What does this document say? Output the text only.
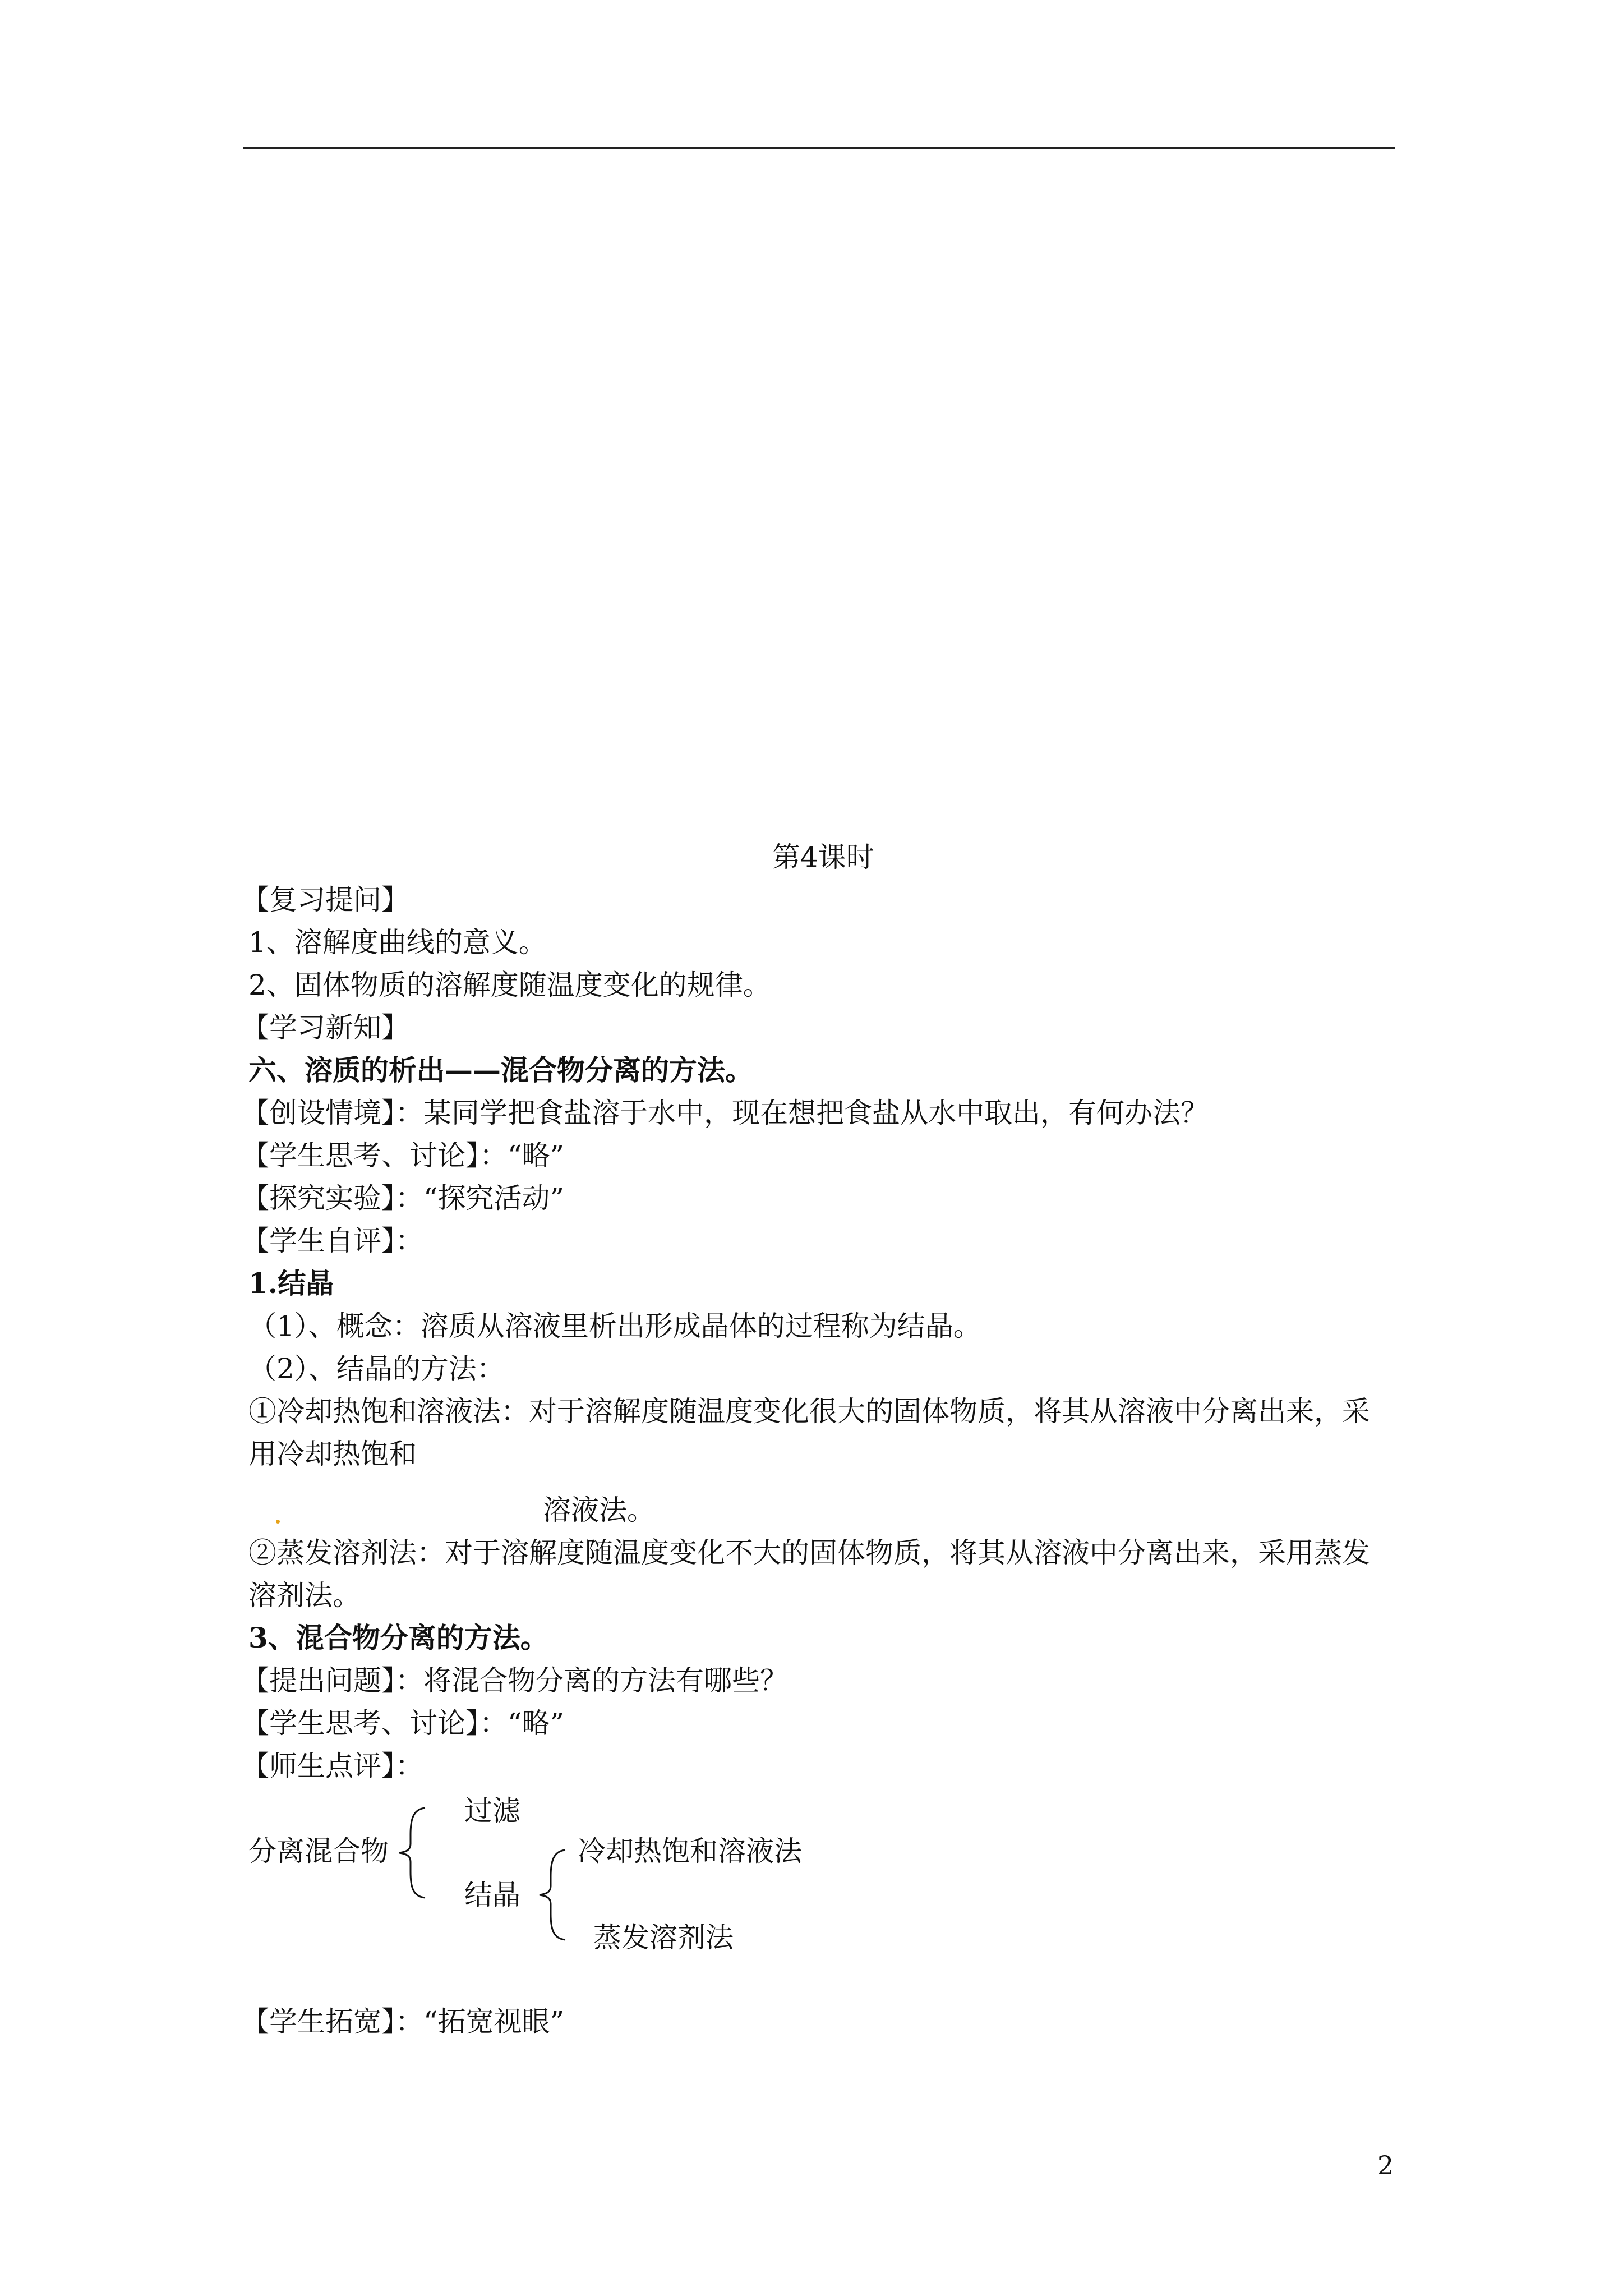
第4课时
【复习提问】
1、溶解度曲线的意义。
2、固体物质的溶解度随温度变化的规律。
【学习新知】
六、溶质的析出——混合物分离的方法。
【创设情境】：某同学把食盐溶于水中，现在想把食盐从水中取出，有何办法？
【学生思考、讨论】：“略”
【探究实验】：“探究活动”
【学生自评】：
1.结晶
（1）、概念：溶质从溶液里析出形成晶体的过程称为结晶。
（2）、结晶的方法：
①冷却热饱和溶液法：对于溶解度随温度变化很大的固体物质，将其从溶液中分离出来，采
用冷却热饱和
溶液法。
②蒸发溶剂法：对于溶解度随温度变化不大的固体物质，将其从溶液中分离出来，采用蒸发
溶剂法。
3、混合物分离的方法。
【提出问题】：将混合物分离的方法有哪些？
【学生思考、讨论】：“略”
【师生点评】：
分离混合物
过滤
结晶
冷却热饱和溶液法
蒸发溶剂法
【学生拓宽】：“拓宽视眼”
2
